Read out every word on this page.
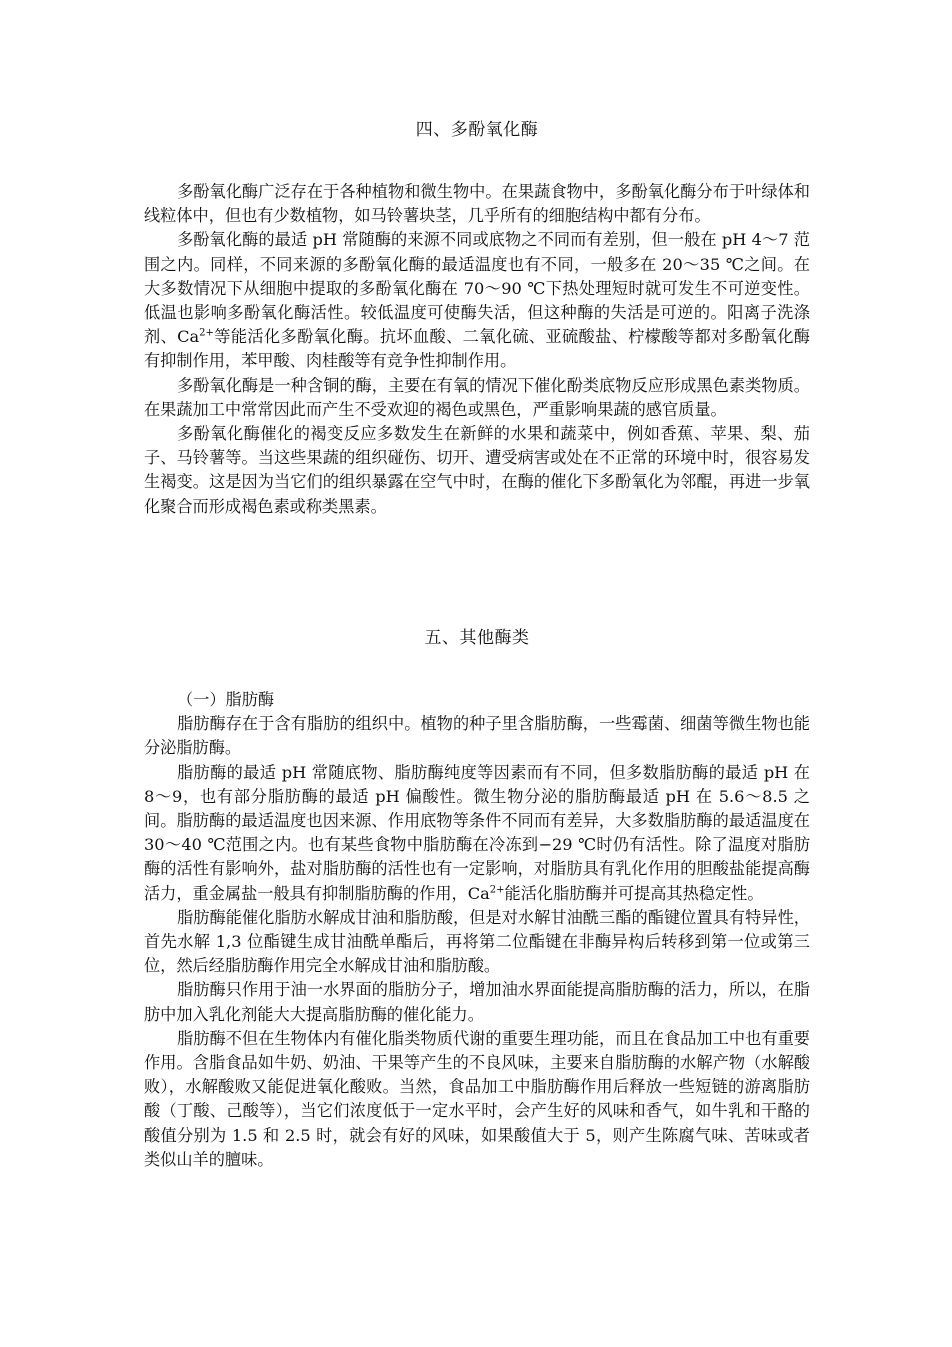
四、多酚氧化酶

多酚氧化酶广泛存在于各种植物和微生物中。在果蔬食物中，多酚氧化酶分布于叶绿体和线粒体中，但也有少数植物，如马铃薯块茎，几乎所有的细胞结构中都有分布。

多酚氧化酶的最适 pH 常随酶的来源不同或底物之不同而有差别，但一般在 pH 4～7 范围之内。同样，不同来源的多酚氧化酶的最适温度也有不同，一般多在 20～35 ℃之间。在大多数情况下从细胞中提取的多酚氧化酶在 70～90 ℃下热处理短时就可发生不可逆变性。低温也影响多酚氧化酶活性。较低温度可使酶失活，但这种酶的失活是可逆的。阳离子洗涤剂、$Ca^{2+}$等能活化多酚氧化酶。抗坏血酸、二氧化硫、亚硫酸盐、柠檬酸等都对多酚氧化酶有抑制作用，苯甲酸、肉桂酸等有竞争性抑制作用。

多酚氧化酶是一种含铜的酶，主要在有氧的情况下催化酚类底物反应形成黑色素类物质。在果蔬加工中常常因此而产生不受欢迎的褐色或黑色，严重影响果蔬的感官质量。

多酚氧化酶催化的褐变反应多数发生在新鲜的水果和蔬菜中，例如香蕉、苹果、梨、茄子、马铃薯等。当这些果蔬的组织碰伤、切开、遭受病害或处在不正常的环境中时，很容易发生褐变。这是因为当它们的组织暴露在空气中时，在酶的催化下多酚氧化为邻醌，再进一步氧化聚合而形成褐色素或称类黑素。

五、其他酶类

（一）脂肪酶

脂肪酶存在于含有脂肪的组织中。植物的种子里含脂肪酶，一些霉菌、细菌等微生物也能分泌脂肪酶。

脂肪酶的最适 pH 常随底物、脂肪酶纯度等因素而有不同，但多数脂肪酶的最适 pH 在 8～9，也有部分脂肪酶的最适 pH 偏酸性。微生物分泌的脂肪酶最适 pH 在 5.6～8.5 之间。脂肪酶的最适温度也因来源、作用底物等条件不同而有差异，大多数脂肪酶的最适温度在 30～40 ℃范围之内。也有某些食物中脂肪酶在冷冻到−29 ℃时仍有活性。除了温度对脂肪酶的活性有影响外，盐对脂肪酶的活性也有一定影响，对脂肪具有乳化作用的胆酸盐能提高酶活力，重金属盐一般具有抑制脂肪酶的作用，$Ca^{2+}$能活化脂肪酶并可提高其热稳定性。

脂肪酶能催化脂肪水解成甘油和脂肪酸，但是对水解甘油酰三酯的酯键位置具有特异性，首先水解 1,3 位酯键生成甘油酰单酯后，再将第二位酯键在非酶异构后转移到第一位或第三位，然后经脂肪酶作用完全水解成甘油和脂肪酸。

脂肪酶只作用于油一水界面的脂肪分子，增加油水界面能提高脂肪酶的活力，所以，在脂肪中加入乳化剂能大大提高脂肪酶的催化能力。

脂肪酶不但在生物体内有催化脂类物质代谢的重要生理功能，而且在食品加工中也有重要作用。含脂食品如牛奶、奶油、干果等产生的不良风味，主要来自脂肪酶的水解产物（水解酸败），水解酸败又能促进氧化酸败。当然，食品加工中脂肪酶作用后释放一些短链的游离脂肪酸（丁酸、己酸等），当它们浓度低于一定水平时，会产生好的风味和香气，如牛乳和干酪的酸值分别为 1.5 和 2.5 时，就会有好的风味，如果酸值大于 5，则产生陈腐气味、苦味或者类似山羊的膻味。
